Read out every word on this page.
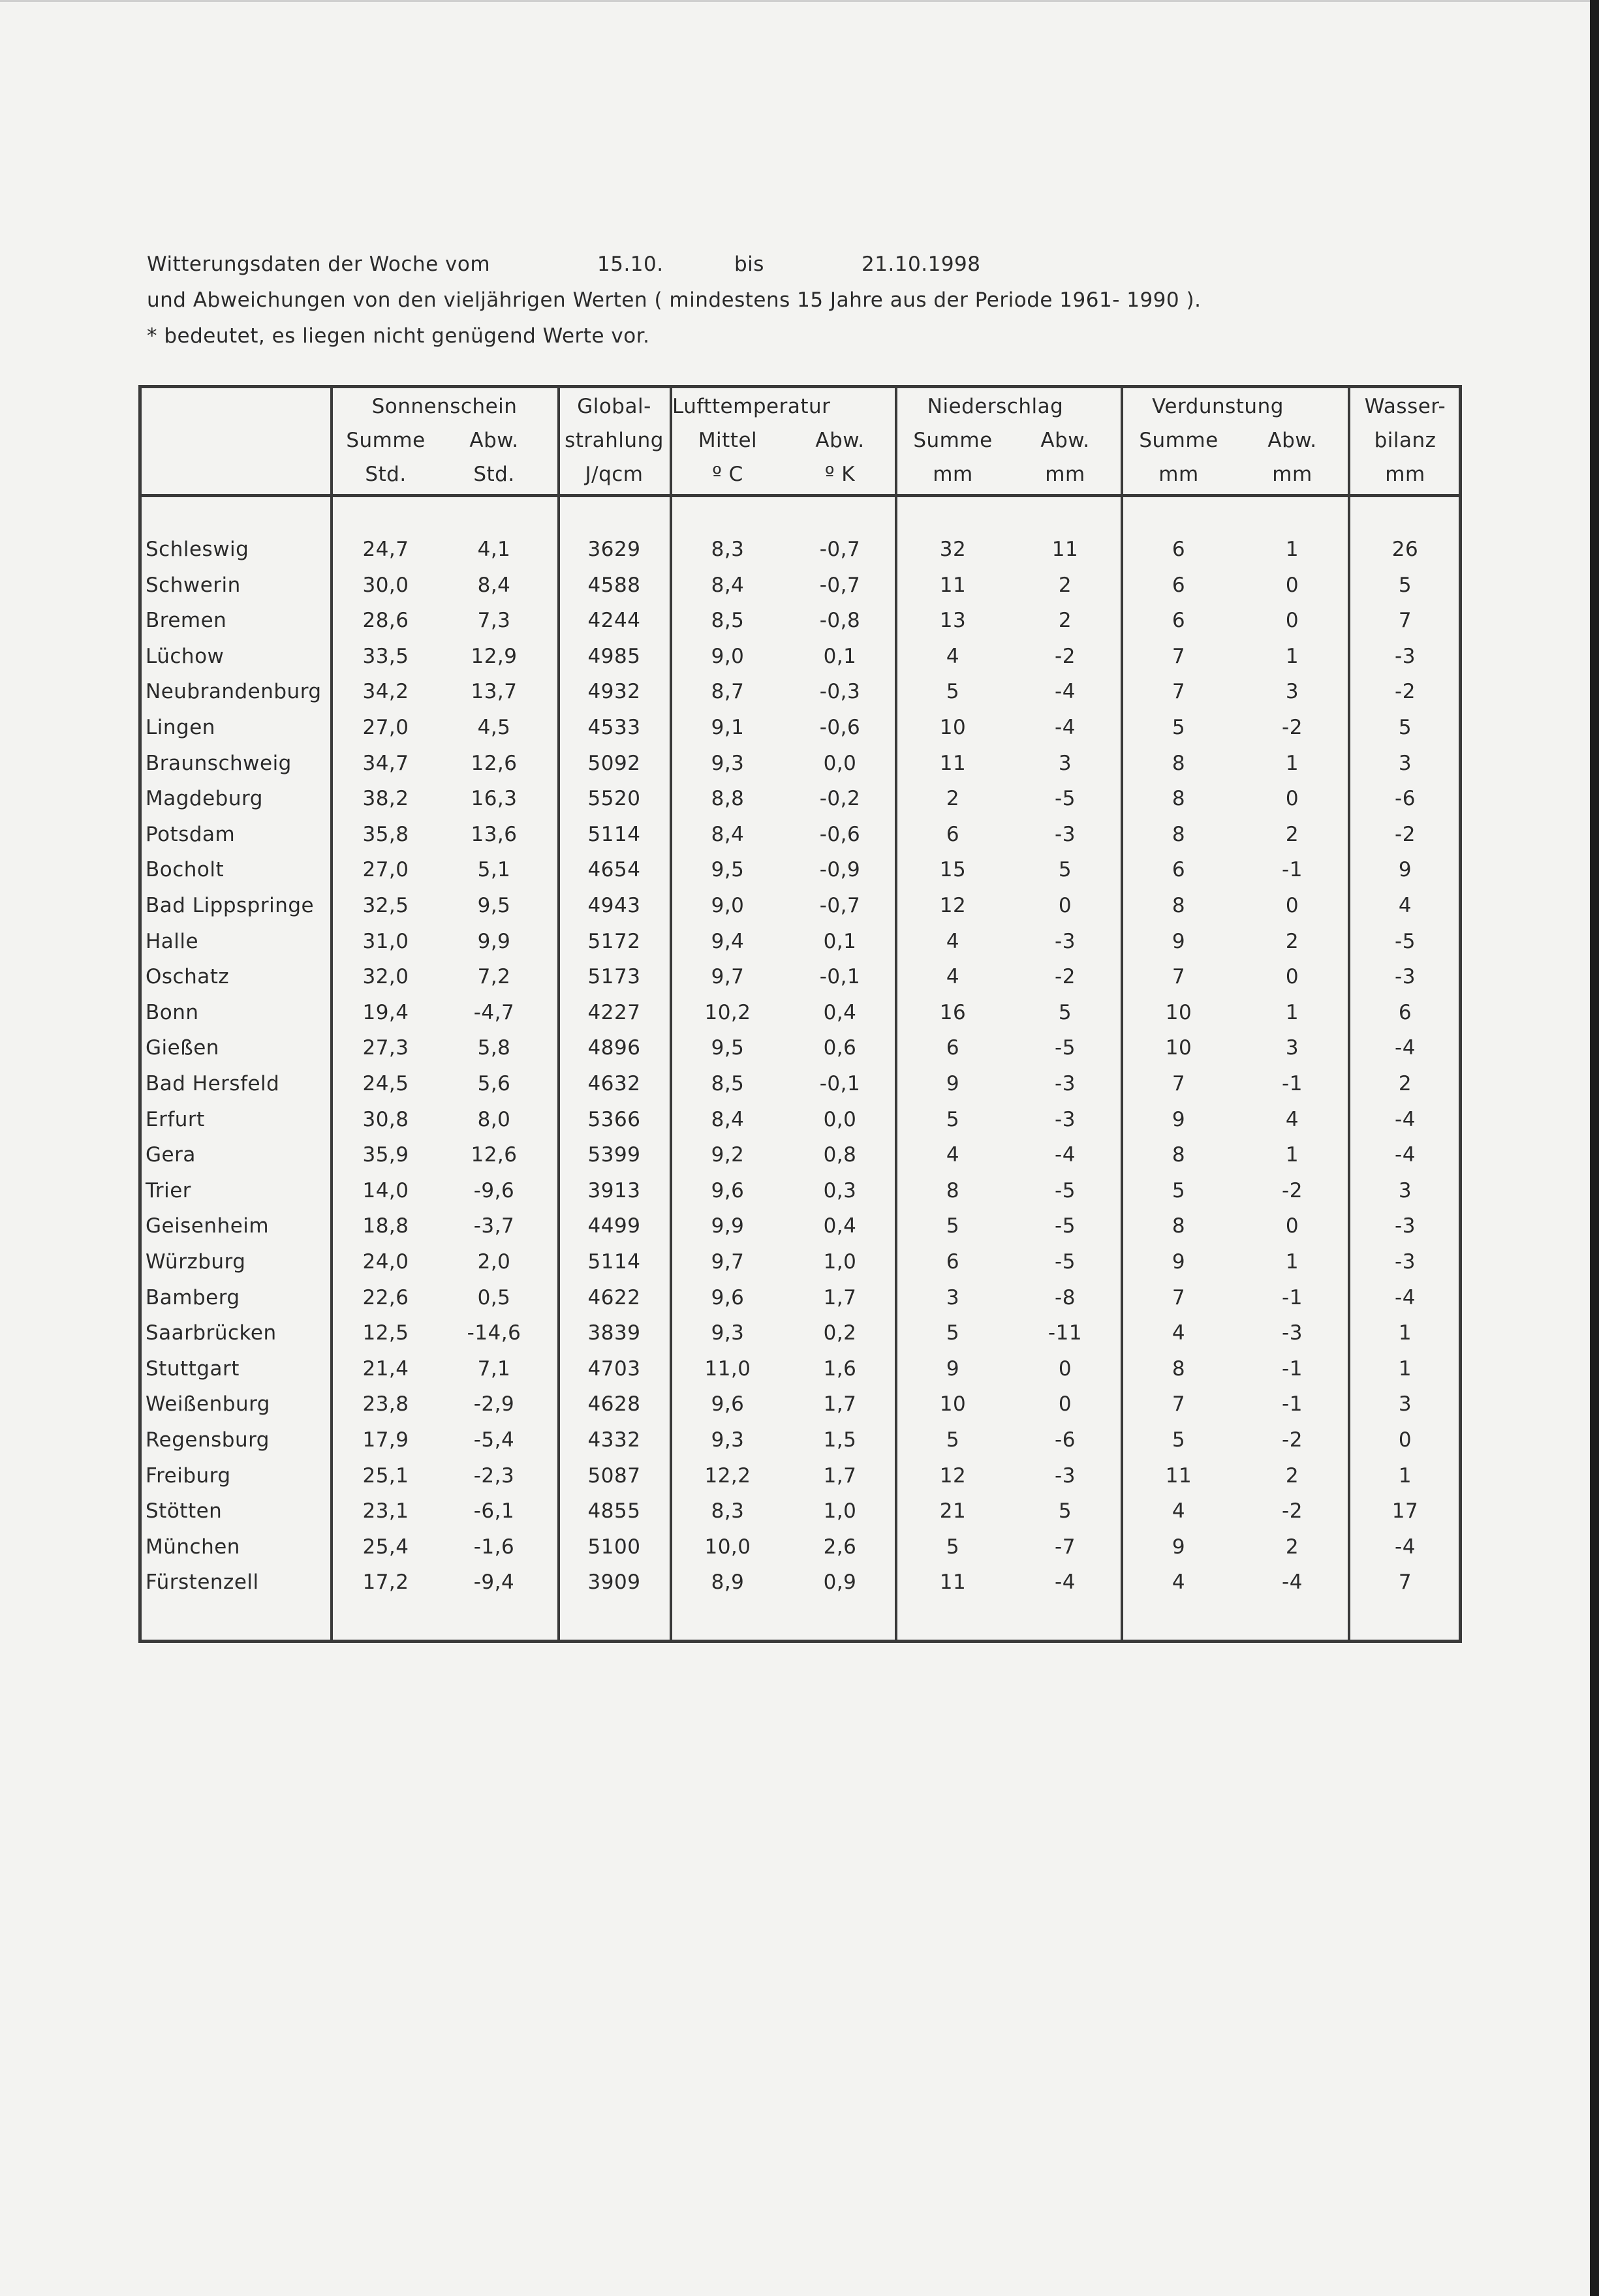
Witterungsdaten der Woche vom	15.10.	bis	21.10.1998
und Abweichungen von den vieljährigen Werten ( mindestens 15 Jahre aus der Periode 1961- 1990 ).
* bedeutet, es liegen nicht genügend Werte vor.
Sonnenschein	Global-	Lufttemperatur	Niederschlag	Verdunstung	Wasser-
Summe	Abw.	strahlung	Mittel	Abw.	Summe	Abw.	Summe	Abw.	bilanz
Std.	Std.	J/qcm	º C	º K	mm	mm	mm	mm	mm
Schleswig	24,7	4,1	3629	8,3	-0,7	32	11	6	1	26
Schwerin	30,0	8,4	4588	8,4	-0,7	11	2	6	0	5
Bremen	28,6	7,3	4244	8,5	-0,8	13	2	6	0	7
Lüchow	33,5	12,9	4985	9,0	0,1	4	-2	7	1	-3
Neubrandenburg	34,2	13,7	4932	8,7	-0,3	5	-4	7	3	-2
Lingen	27,0	4,5	4533	9,1	-0,6	10	-4	5	-2	5
Braunschweig	34,7	12,6	5092	9,3	0,0	11	3	8	1	3
Magdeburg	38,2	16,3	5520	8,8	-0,2	2	-5	8	0	-6
Potsdam	35,8	13,6	5114	8,4	-0,6	6	-3	8	2	-2
Bocholt	27,0	5,1	4654	9,5	-0,9	15	5	6	-1	9
Bad Lippspringe	32,5	9,5	4943	9,0	-0,7	12	0	8	0	4
Halle	31,0	9,9	5172	9,4	0,1	4	-3	9	2	-5
Oschatz	32,0	7,2	5173	9,7	-0,1	4	-2	7	0	-3
Bonn	19,4	-4,7	4227	10,2	0,4	16	5	10	1	6
Gießen	27,3	5,8	4896	9,5	0,6	6	-5	10	3	-4
Bad Hersfeld	24,5	5,6	4632	8,5	-0,1	9	-3	7	-1	2
Erfurt	30,8	8,0	5366	8,4	0,0	5	-3	9	4	-4
Gera	35,9	12,6	5399	9,2	0,8	4	-4	8	1	-4
Trier	14,0	-9,6	3913	9,6	0,3	8	-5	5	-2	3
Geisenheim	18,8	-3,7	4499	9,9	0,4	5	-5	8	0	-3
Würzburg	24,0	2,0	5114	9,7	1,0	6	-5	9	1	-3
Bamberg	22,6	0,5	4622	9,6	1,7	3	-8	7	-1	-4
Saarbrücken	12,5	-14,6	3839	9,3	0,2	5	-11	4	-3	1
Stuttgart	21,4	7,1	4703	11,0	1,6	9	0	8	-1	1
Weißenburg	23,8	-2,9	4628	9,6	1,7	10	0	7	-1	3
Regensburg	17,9	-5,4	4332	9,3	1,5	5	-6	5	-2	0
Freiburg	25,1	-2,3	5087	12,2	1,7	12	-3	11	2	1
Stötten	23,1	-6,1	4855	8,3	1,0	21	5	4	-2	17
München	25,4	-1,6	5100	10,0	2,6	5	-7	9	2	-4
Fürstenzell	17,2	-9,4	3909	8,9	0,9	11	-4	4	-4	7
